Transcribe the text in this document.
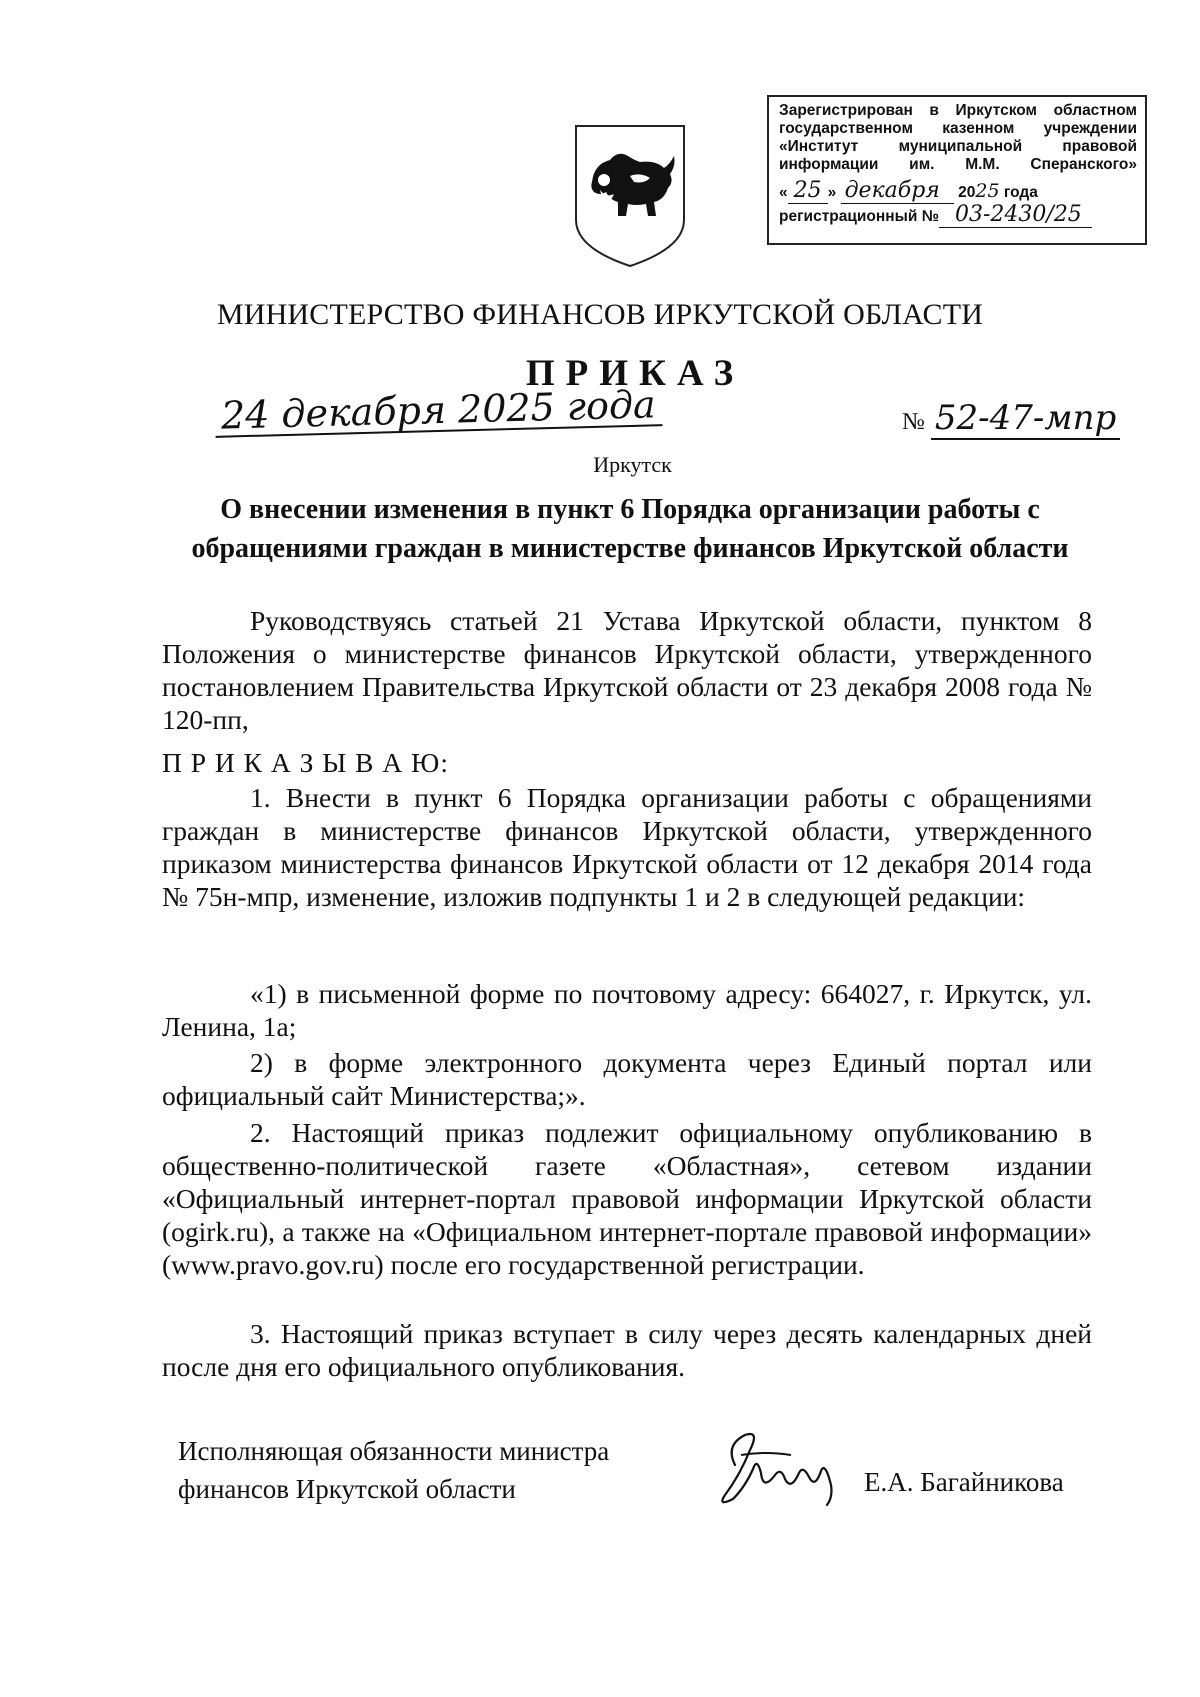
Зарегистрирован в Иркутском областном
государственном казенном учреждении
«Институт муниципальной правовой
информации им. М.М. Сперанского»
« 25 » декабря 2025 года
регистрационный № 03-2430/25
МИНИСТЕРСТВО ФИНАНСОВ ИРКУТСКОЙ ОБЛАСТИ
ПРИКАЗ
24 декабря 2025 года	№ 52-47-мпр
Иркутск
О внесении изменения в пункт 6 Порядка организации работы с обращениями граждан в министерстве финансов Иркутской области
Руководствуясь статьей 21 Устава Иркутской области, пунктом 8 Положения о министерстве финансов Иркутской области, утвержденного постановлением Правительства Иркутской области от 23 декабря 2008 года № 120-пп,
П Р И К А З Ы В А Ю:
1. Внести в пункт 6 Порядка организации работы с обращениями граждан в министерстве финансов Иркутской области, утвержденного приказом министерства финансов Иркутской области от 12 декабря 2014 года № 75н-мпр, изменение, изложив подпункты 1 и 2 в следующей редакции:
«1) в письменной форме по почтовому адресу: 664027, г. Иркутск, ул. Ленина, 1а;
2) в форме электронного документа через Единый портал или официальный сайт Министерства;».
2. Настоящий приказ подлежит официальному опубликованию в общественно-политической газете «Областная», сетевом издании «Официальный интернет-портал правовой информации Иркутской области (ogirk.ru), а также на «Официальном интернет-портале правовой информации» (www.pravo.gov.ru) после его государственной регистрации.
3. Настоящий приказ вступает в силу через десять календарных дней после дня его официального опубликования.
Исполняющая обязанности министра
финансов Иркутской области	Е.А. Багайникова
